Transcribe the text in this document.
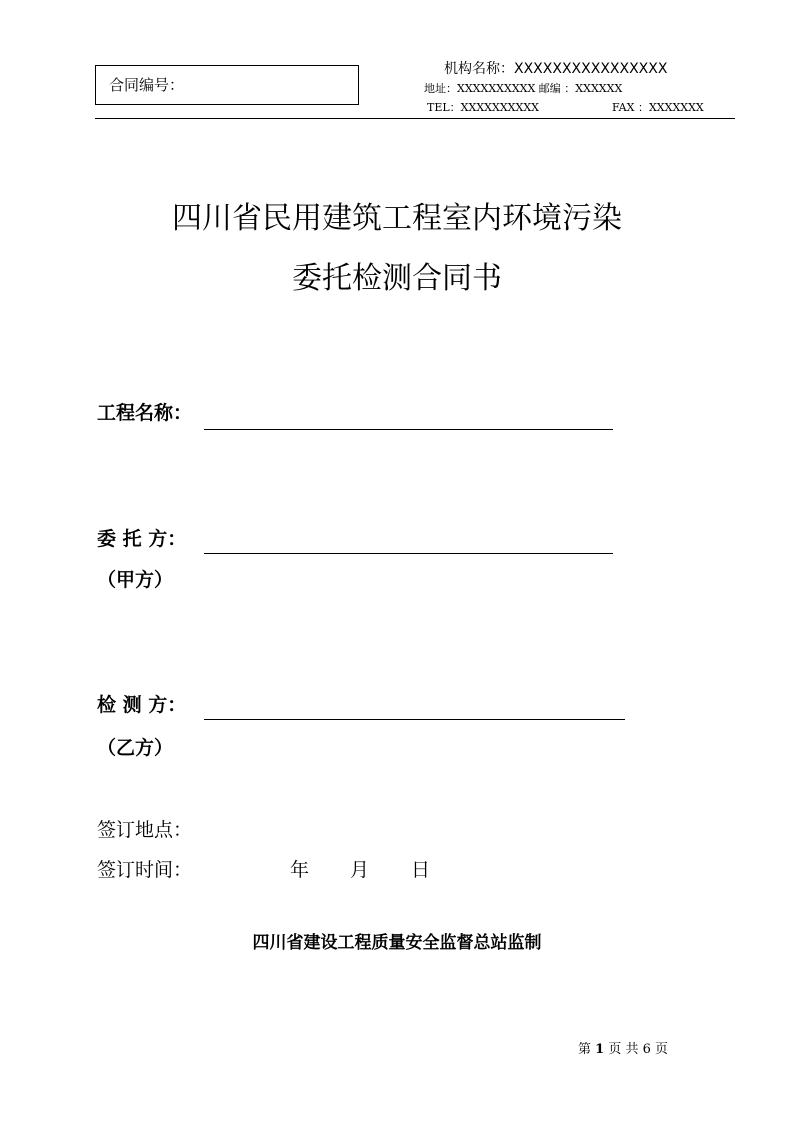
合同编号：
机构名称：XXXXXXXXXXXXXXXX
地址：XXXXXXXXXX 邮编 ：XXXXXX
TEL：XXXXXXXXXX	FAX ：XXXXXXX
四川省民用建筑工程室内环境污染
委托检测合同书
工程名称：
委 托 方：
（甲方）
检 测 方：
（乙方）
签订地点：
签订时间：	年 月 日
四川省建设工程质量安全监督总站监制
第 1 页 共 6 页
